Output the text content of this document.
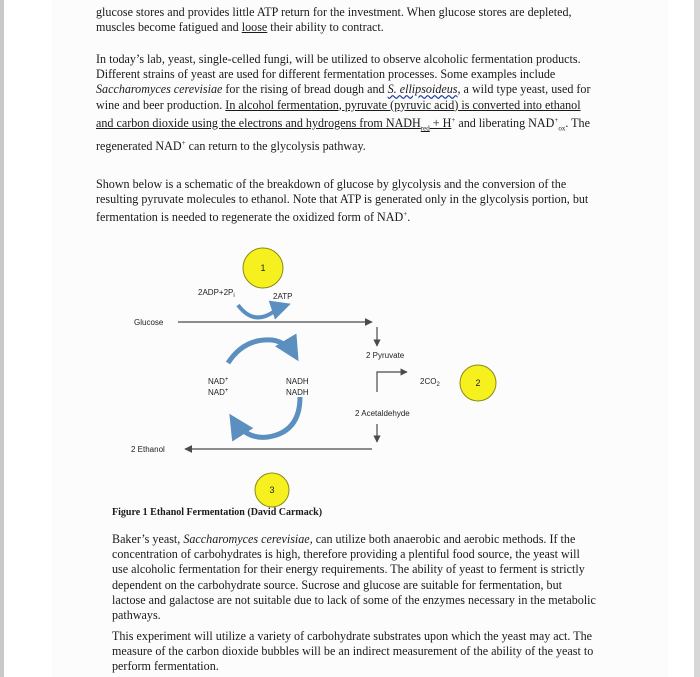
glucose stores and provides little ATP return for the investment. When glucose stores are depleted, muscles become fatigued and loose their ability to contract.

In today’s lab, yeast, single-celled fungi, will be utilized to observe alcoholic fermentation products. Different strains of yeast are used for different fermentation processes. Some examples include Saccharomyces cerevisiae for the rising of bread dough and S. ellipsoideus, a wild type yeast, used for wine and beer production. In alcohol fermentation, pyruvate (pyruvic acid) is converted into ethanol and carbon dioxide using the electrons and hydrogens from $NADH_{red} + H^+$ and liberating $NAD^+_{ox}$. The regenerated NAD+ can return to the glycolysis pathway.

Shown below is a schematic of the breakdown of glucose by glycolysis and the conversion of the resulting pyruvate molecules to ethanol. Note that ATP is generated only in the glycolysis portion, but fermentation is needed to regenerate the oxidized form of NAD+.

1
2
3
$2ADP+2P_i$	2ATP
Glucose
2 Pyruvate
$2CO_2$
NAD+
NAD+
NADH
NADH
2 Acetaldehyde
2 Ethanol
Figure 1 Ethanol Fermentation (David Carmack)

Baker’s yeast, Saccharomyces cerevisiae, can utilize both anaerobic and aerobic methods. If the concentration of carbohydrates is high, therefore providing a plentiful food source, the yeast will use alcoholic fermentation for their energy requirements. The ability of yeast to ferment is strictly dependent on the carbohydrate source. Sucrose and glucose are suitable for fermentation, but lactose and galactose are not suitable due to lack of some of the enzymes necessary in the metabolic pathways.

This experiment will utilize a variety of carbohydrate substrates upon which the yeast may act. The measure of the carbon dioxide bubbles will be an indirect measurement of the ability of the yeast to perform fermentation.
